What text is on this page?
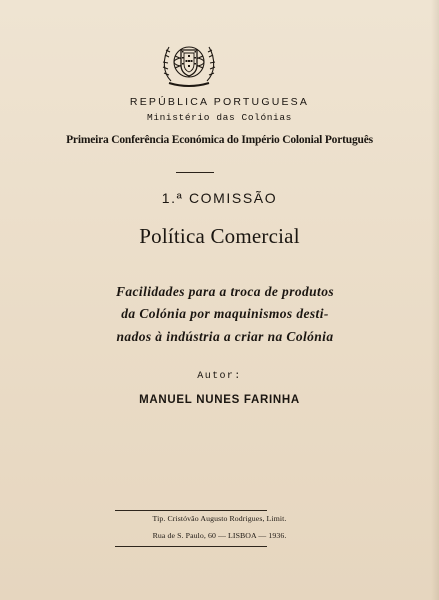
REPÚBLICA PORTUGUESA
Ministério das Colónias
Primeira Conferência Económica do Império Colonial Português
1.ª COMISSÃO
Política Comercial
Facilidades para a troca de produtos
da Colónia por maquinismos desti-
nados à indústria a criar na Colónia
Autor:
MANUEL NUNES FARINHA
Tip. Cristóvão Augusto Rodrigues, Limit.
Rua de S. Paulo, 60 — LISBOA — 1936.
